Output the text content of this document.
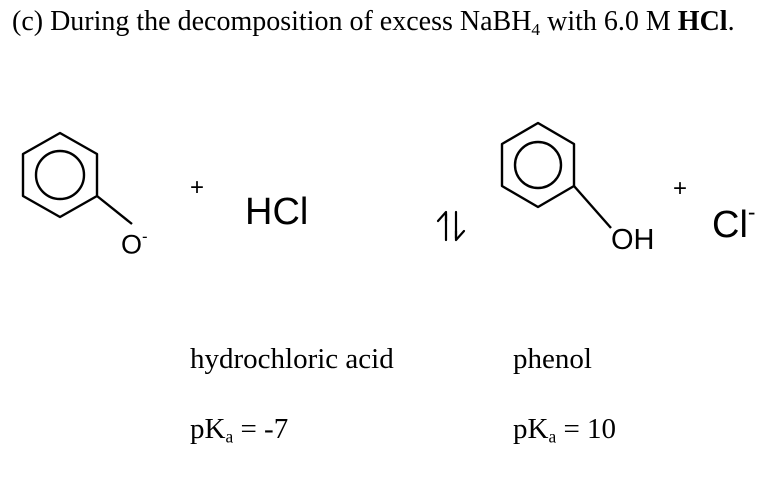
(c) During the decomposition of excess NaBH$_4$ with 6.0 M HCl.
O-
+
HCl
OH
+
Cl-
hydrochloric acid
pKa = -7
phenol
pKa = 10
